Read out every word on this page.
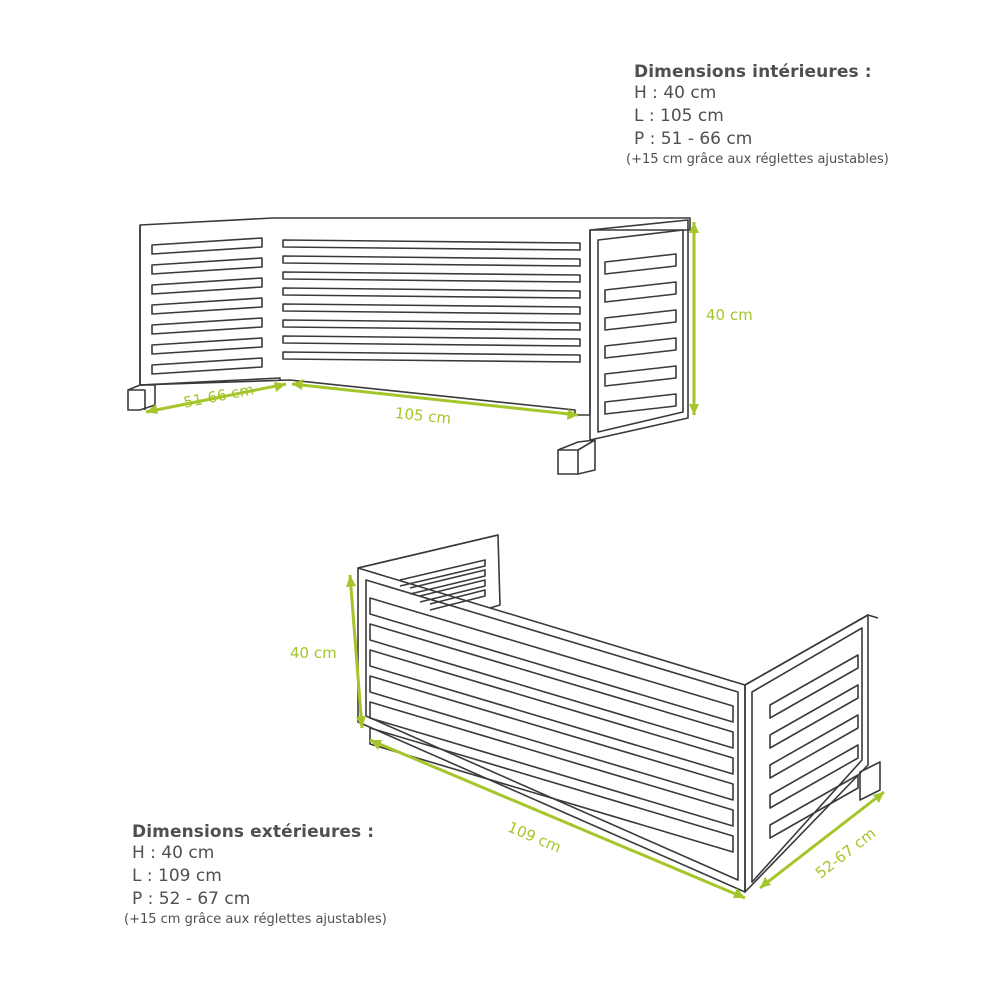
Dimensions intérieures :
H : 40 cm
L : 105 cm
P : 51 - 66 cm
(+15 cm grâce aux réglettes ajustables)
Dimensions extérieures :
H : 40 cm
L : 109 cm
P : 52 - 67 cm
(+15 cm grâce aux réglettes ajustables)
51-66 cm
105 cm
40 cm
40 cm
109 cm	52-67 cm
